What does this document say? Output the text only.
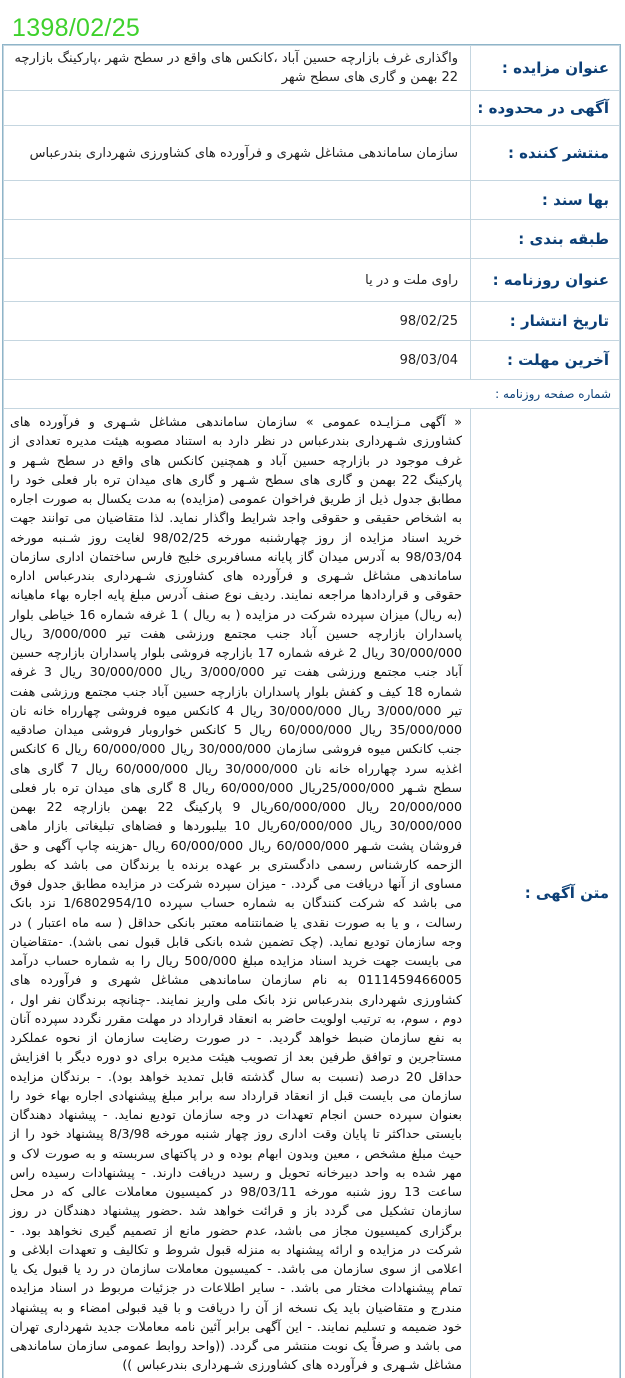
1398/02/25
عنوان مزایده :	واگذاری غرف بازارچه حسین آباد ،کانکس های واقع در سطح شهر ،پارکینگ بازارچه 22 بهمن و گاری های سطح شهر
آگهی در محدوده :	
منتشر کننده :	سازمان ساماندهی مشاغل شهری و فرآورده های کشاورزی شهرداری بندرعباس
بها سند :	
طبقه بندی :	
عنوان روزنامه :	راوی ملت و در یا
تاریخ انتشار :	98/02/25
آخرین مهلت :	98/03/04
شماره صفحه روزنامه :	
متن آگهی :	« آگهی مـزایـده عمومی » سازمان ساماندهی مشاغل شـهری و فرآورده های کشاورزی شـهرداری بندرعباس در نظر دارد به استناد مصوبه هیئت مدیره تعدادی از غرف موجود در بازارچه حسین آباد و همچنین کانکس های واقع در سطح شـهر و پارکینگ 22 بهمن و گاری های سطح شـهر و گاری های میدان تره بار فعلی خود را مطابق جدول ذیل از طریق فراخوان عمومی (مزایده) به مدت یکسال به صورت اجاره به اشخاص حقیقی و حقوقی واجد شرایط واگذار نماید. لذا متقاضیان می توانند جهت خرید اسناد مزایده از روز چهارشنبه مورخه 98/02/25 لغایت روز شـنبه مورخه 98/03/04 به آدرس میدان گاز پایانه مسافربری خلیج فارس ساختمان اداری سازمان ساماندهی مشاغل شـهری و فرآورده های کشاورزی شـهرداری بندرعباس اداره حقوقی و قراردادها مراجعه نمایند. ردیف نوع صنف آدرس مبلغ پایه اجاره بهاء ماهیانه (به ریال) میزان سپرده شرکت در مزایده ( به ریال ) 1 غرفه شماره 16 خیاطی بلوار پاسداران بازارچه حسین آباد جنب مجتمع ورزشی هفت تیر 3/000/000 ریال 30/000/000 ریال 2 غرفه شماره 17 بازارچه فروشی بلوار پاسداران بازارچه حسین آباد جنب مجتمع ورزشی هفت تیر 3/000/000 ریال 30/000/000 ریال 3 غرفه شماره 18 کیف و کفش بلوار پاسداران بازارچه حسین آباد جنب مجتمع ورزشی هفت تیر 3/000/000 ریال 30/000/000 ریال 4 کانکس میوه فروشی چهارراه خانه نان 35/000/000 ریال 60/000/000 ریال 5 کانکس خواروبار فروشی میدان صادقیه جنب کانکس میوه فروشی سازمان 30/000/000 ریال 60/000/000 ریال 6 کانکس اغذیه سرد چهارراه خانه نان 30/000/000 ریال 60/000/000 ریال 7 گاری های سطح شـهر 25/000/000ریال 60/000/000 ریال 8 گاری های میدان تره بار فعلی 20/000/000 ریال 60/000/000ریال 9 پارکینگ 22 بهمن بازارچه 22 بهمن 30/000/000 ریال 60/000/000ریال 10 بیلبوردها و فضاهای تبلیغاتی بازار ماهی فروشان پشت شـهر 60/000/000 ریال 60/000/000 ریال -هزینه چاپ آگهی و حق الزحمه کارشناس رسمی دادگستری بر عهده برنده یا برندگان می باشد که بطور مساوی از آنها دریافت می گردد. - میزان سپرده شرکت در مزایده مطابق جدول فوق می باشد که شرکت کنندگان به شماره حساب سپرده 1/6802954/10 نزد بانک رسالت ، و یا به صورت نقدی یا ضمانتنامه معتبر بانکی حداقل ( سه ماه اعتبار ) در وجه سازمان تودیع نماید. (چک تضمین شده بانکی قابل قبول نمی باشد). -متقاضیان می بایست جهت خرید اسناد مزایده مبلغ 500/000 ریال را به شماره حساب درآمد 0111459466005 به نام سازمان ساماندهی مشاغل شهری و فرآورده های کشاورزی شهرداری بندرعباس نزد بانک ملی واریز نمایند. -چنانچه برندگان نفر اول ، دوم ، سوم، به ترتیب اولویت حاضر به انعقاد قرارداد در مهلت مقرر نگردد سپرده آنان به نفع سازمان ضبط خواهد گردید. - در صورت رضایت سازمان از نحوه عملکرد مستاجرین و توافق طرفین بعد از تصویب هیئت مدیره برای دو دوره دیگر با افزایش حداقل 20 درصد (نسبت به سال گذشته قابل تمدید خواهد بود). - برندگان مزایده سازمان می بایست قبل از انعقاد قرارداد سه برابر مبلغ پیشنهادی اجاره بهاء خود را بعنوان سپرده حسن انجام تعهدات در وجه سازمان تودیع نماید. - پیشنهاد دهندگان بایستی حداکثر تا پایان وقت اداری روز چهار شنبه مورخه 8/3/98 پیشنهاد خود را از حیث مبلغ مشخص ، معین وبدون ابهام بوده و در پاکتهای سربسته و به صورت لاک و مهر شده به واحد دبیرخانه تحویل و رسید دریافت دارند. - پیشنهادات رسیده راس ساعت 13 روز شنبه مورخه 98/03/11 در کمیسیون معاملات عالی که در محل سازمان تشکیل می گردد باز و قرائت خواهد شد .حضور پیشنهاد دهندگان در روز برگزاری کمیسیون مجاز می باشد، عدم حضور مانع از تصمیم گیری نخواهد بود. - شرکت در مزایده و ارائه پیشنهاد به منزله قبول شروط و تکالیف و تعهدات ابلاغی و اعلامی از سوی سازمان می باشد. - کمیسیون معاملات سازمان در رد یا قبول یک یا تمام پیشنهادات مختار می باشد. - سایر اطلاعات در جزئیات مربوط در اسناد مزایده مندرج و متقاضیان باید یک نسخه از آن را دریافت و با قید قبولی امضاء و به پیشنهاد خود ضمیمه و تسلیم نمایند. - این آگهی برابر آئین نامه معاملات جدید شهرداری تهران می باشد و صرفاً یک نوبت منتشر می گردد. ((واحد روابط عمومی سازمان ساماندهی مشاغل شـهری و فرآورده های کشاورزی شـهرداری بندرعباس ))
